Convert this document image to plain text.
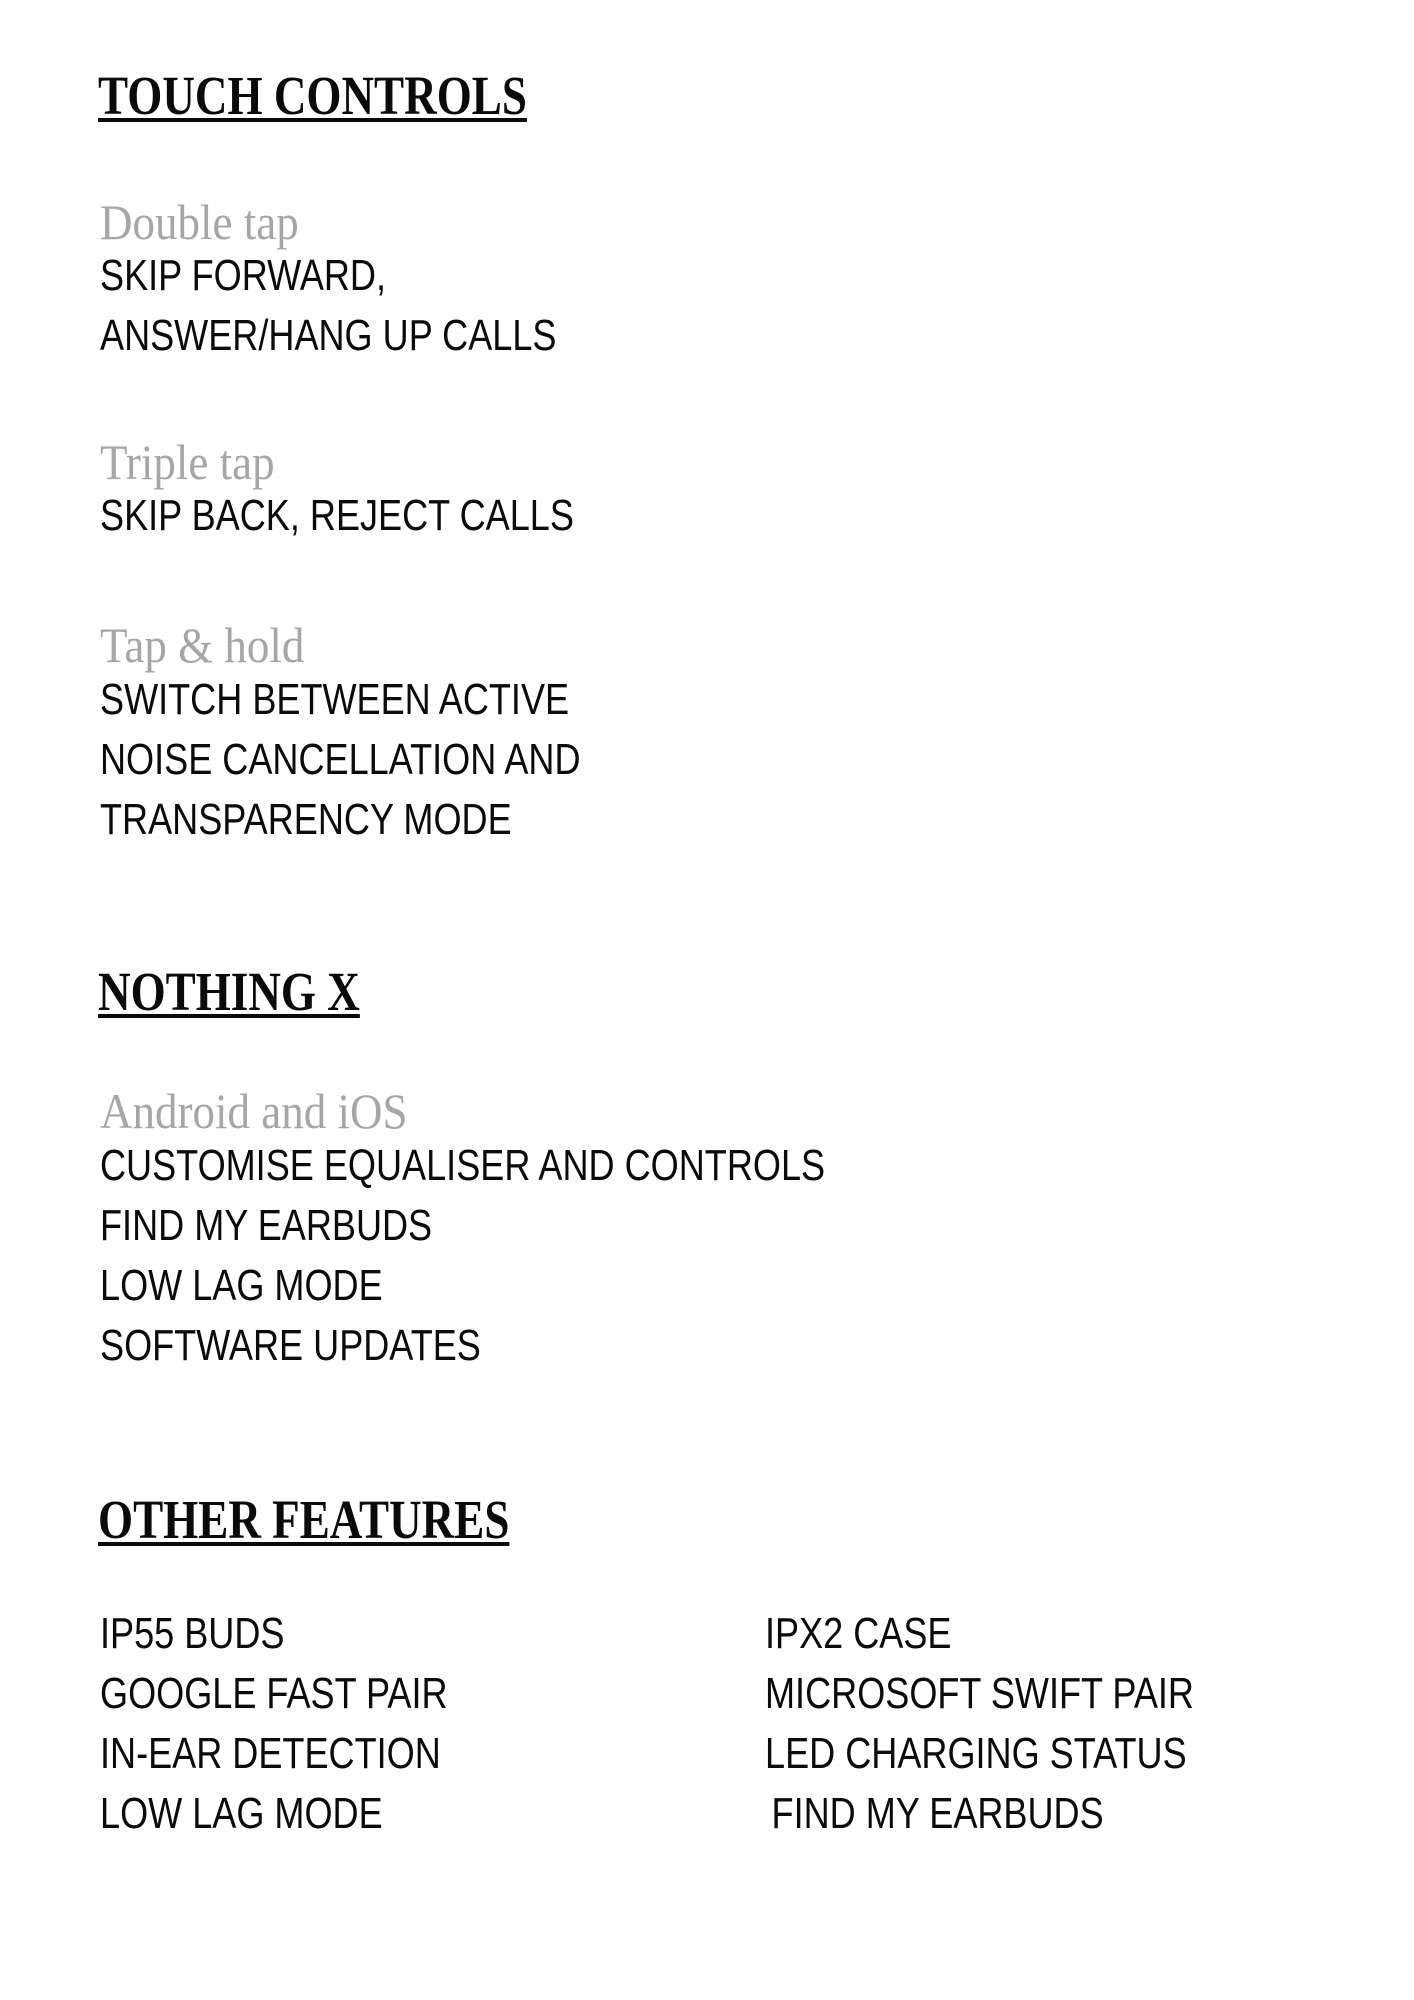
TOUCH CONTROLS
Double tap
SKIP FORWARD,
ANSWER/HANG UP CALLS
Triple tap
SKIP BACK, REJECT CALLS
Tap & hold
SWITCH BETWEEN ACTIVE
NOISE CANCELLATION AND
TRANSPARENCY MODE
NOTHING X
Android and iOS
CUSTOMISE EQUALISER AND CONTROLS
FIND MY EARBUDS
LOW LAG MODE
SOFTWARE UPDATES
OTHER FEATURES
IP55 BUDS
GOOGLE FAST PAIR
IN-EAR DETECTION
LOW LAG MODE
IPX2 CASE
MICROSOFT SWIFT PAIR
LED CHARGING STATUS
FIND MY EARBUDS
